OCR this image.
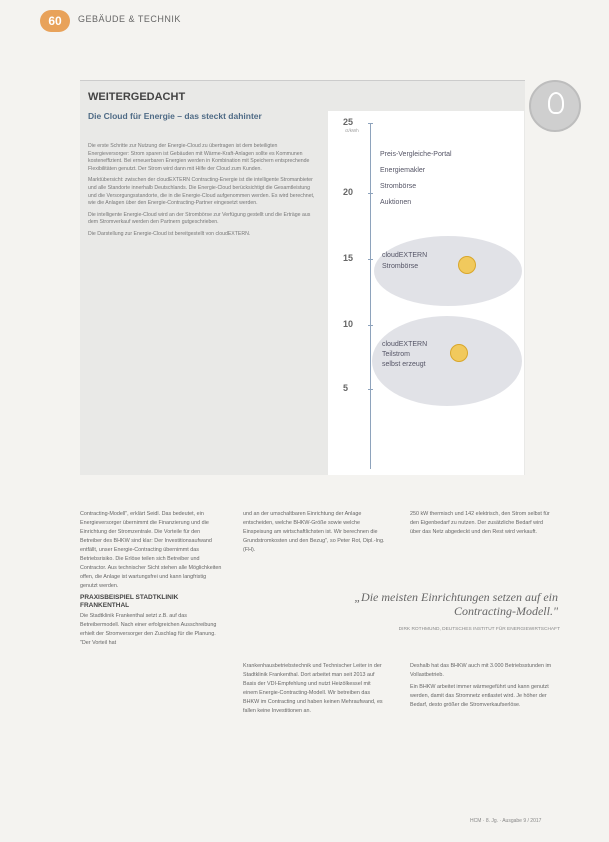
60	GEBÄUDE & TECHNIK
WEITERGEDACHT
Die Cloud für Energie – das steckt dahinter

Die erste Schritte zur Nutzung der Energie-Cloud zu übertragen ist dem beteiligten Energieversorger: Strom sparen ist Gebäuden mit Wärme-Kraft-Anlagen sollte es Kommunen kosteneffizient. Bei erneuerbaren Energien werden in Kombination mit Speichern entsprechende Flexibilitäten genutzt. Der Strom wird dann mit Hilfe der Cloud zum Kunden.

Marktübersicht: zwischen der cloudEXTERN Contracting-Energie ist die intelligente Stromanbieter und alle Standorte innerhalb Deutschlands. Die Energie-Cloud berücksichtigt die Gesamtleistung und die Versorgungsstandorte, die in die Energie-Cloud aufgenommen werden. Es wird berechnet, wie die Anlagen über den Energie-Contracting-Partner eingesetzt werden.

Die intelligente Energie-Cloud wird an der Strombörse zur Verfügung gestellt und die Erträge aus dem Stromverkauf werden den Partnern gutgeschrieben.

Die Darstellung zur Energie-Cloud ist bereitgestellt von cloudEXTERN.

25
ct/kWh
20
15
10
5
Preis-Vergleiche-Portal
Energiemakler
Strombörse
Auktionen
cloudEXTERN
Strombörse
cloudEXTERN
Teilstrom
selbst erzeugt

Contracting-Modell", erklärt Seidl. Das bedeutet, ein Energieversorger übernimmt die Finanzierung und die Einrichtung der Stromzentrale. Die Vorteile für den Betreiber des BHKW sind klar: Der Investitionsaufwand entfällt, unser Energie-Contracting übernimmt das Betriebsrisiko. Die Erlöse teilen sich Betreiber und Contractor. Aus technischer Sicht stehen alle Möglichkeiten offen, die Anlage ist wartungsfrei und kann langfristig genutzt werden.

PRAXISBEISPIEL STADTKLINIK FRANKENTHAL

Die Stadtklinik Frankenthal setzt z.B. auf das Betreibermodell. Nach einer erfolgreichen Ausschreibung erhielt der Stromversorger den Zuschlag für die Planung. "Der Vorteil hat

und an der umschaltbaren Einrichtung der Anlage entscheiden, welche BHKW-Größe sowie welche Einspeisung am wirtschaftlichsten ist. Wir berechnen die Grundstromkosten und den Bezug", so Peter Rot, Dipl.-Ing. (FH).

Krankenhausbetriebstechnik und Technischer Leiter in der Stadtklinik Frankenthal. Dort arbeitet man seit 2013 auf Basis der VDI-Empfehlung und nutzt Heizölkessel mit einem Energie-Contracting-Modell. Wir betreiben das BHKW im Contracting und haben keinen Mehraufwand, es fallen keine Investitionen an.

250 kW thermisch und 142 elektrisch, den Strom selbst für den Eigenbedarf zu nutzen. Der zusätzliche Bedarf wird über das Netz abgedeckt und den Rest wird verkauft.

Deshalb hat das BHKW auch mit 3.000 Betriebsstunden im Vollastbetrieb.

Ein BHKW arbeitet immer wärmegeführt und kann genutzt werden, damit das Stromnetz entlastet wird. Je höher der Bedarf, desto größer die Stromverkaufserlöse.

„Die meisten Einrichtungen setzen auf ein Contracting-Modell."
DIRK ROTHMUND, DEUTSCHES INSTITUT FÜR ENERGIEWIRTSCHAFT
HCM · 8. Jg. · Ausgabe 9 / 2017
